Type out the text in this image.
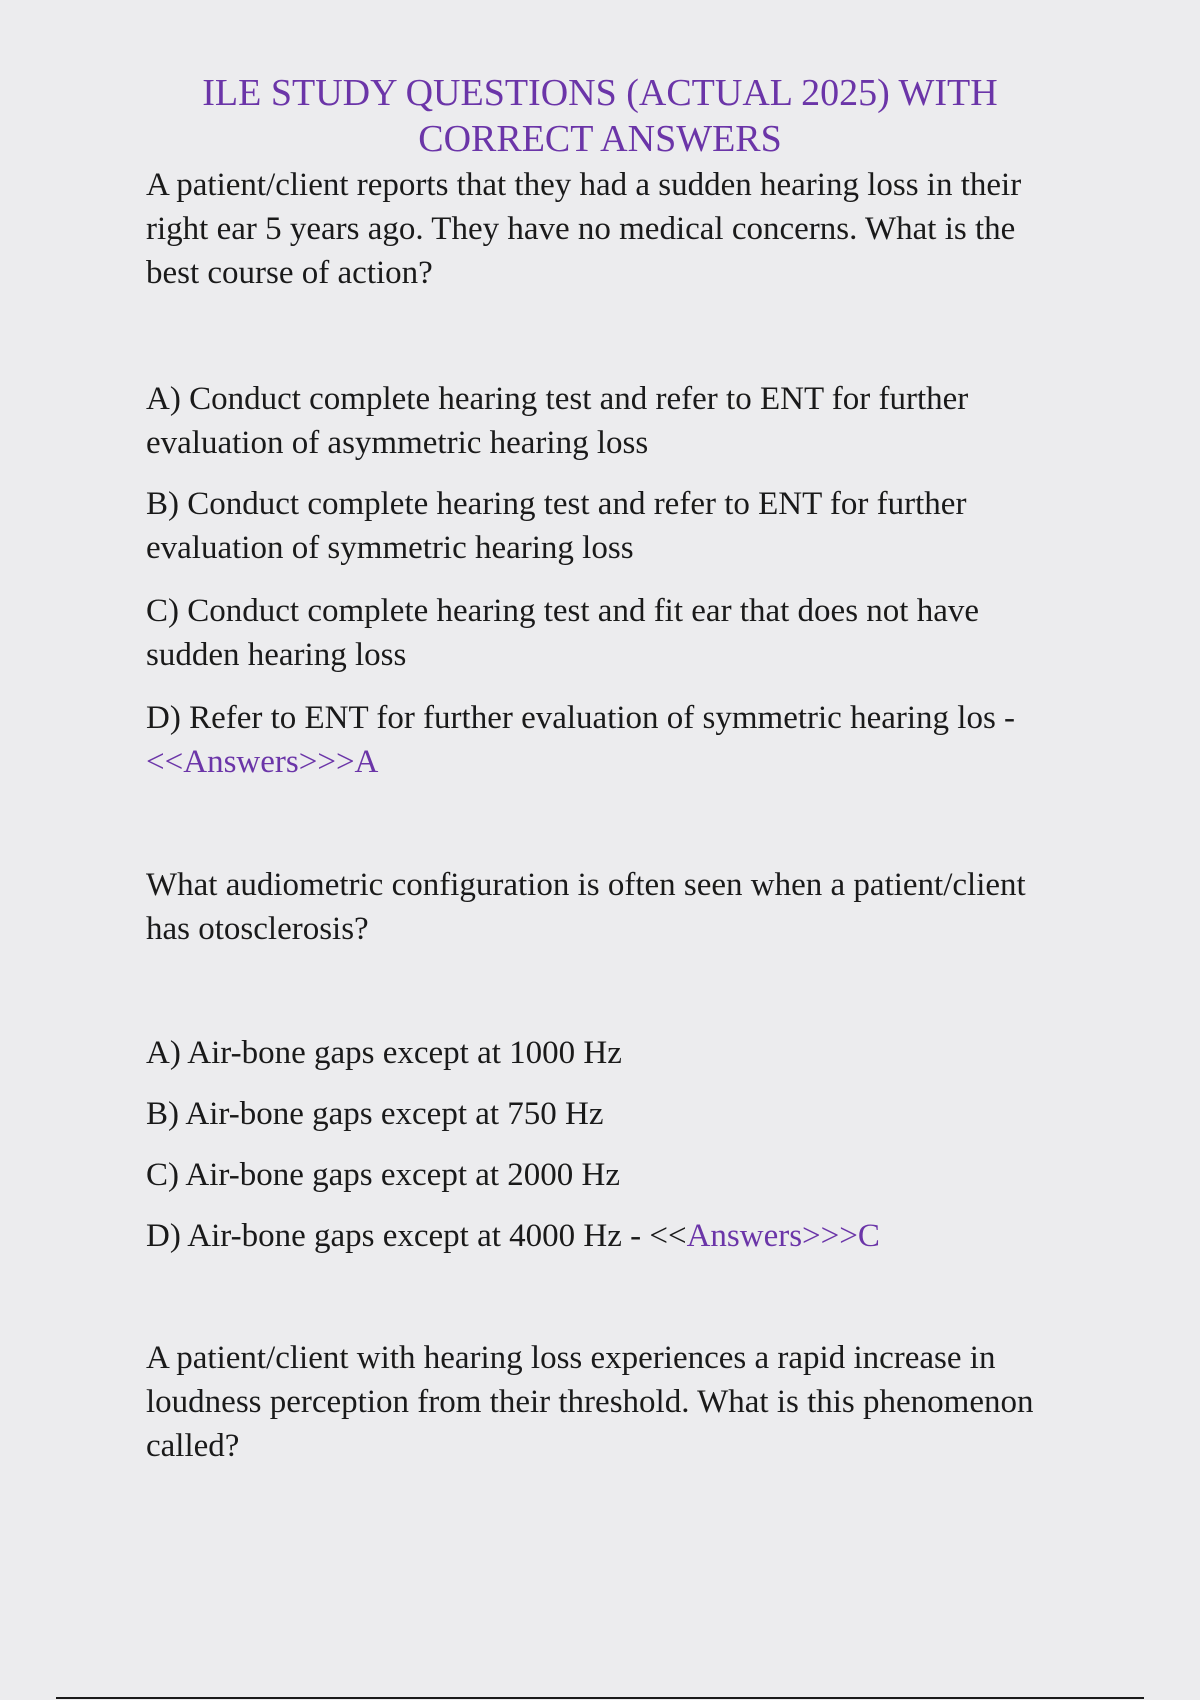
ILE STUDY QUESTIONS (ACTUAL 2025) WITH
CORRECT ANSWERS
A patient/client reports that they had a sudden hearing loss in their right ear 5 years ago. They have no medical concerns. What is the best course of action?
A) Conduct complete hearing test and refer to ENT for further evaluation of asymmetric hearing loss
B) Conduct complete hearing test and refer to ENT for further evaluation of symmetric hearing loss
C) Conduct complete hearing test and fit ear that does not have sudden hearing loss
D) Refer to ENT for further evaluation of symmetric hearing los - <<Answers>>>A
What audiometric configuration is often seen when a patient/client has otosclerosis?
A) Air-bone gaps except at 1000 Hz
B) Air-bone gaps except at 750 Hz
C) Air-bone gaps except at 2000 Hz
D) Air-bone gaps except at 4000 Hz - <<Answers>>>C
A patient/client with hearing loss experiences a rapid increase in loudness perception from their threshold. What is this phenomenon called?
